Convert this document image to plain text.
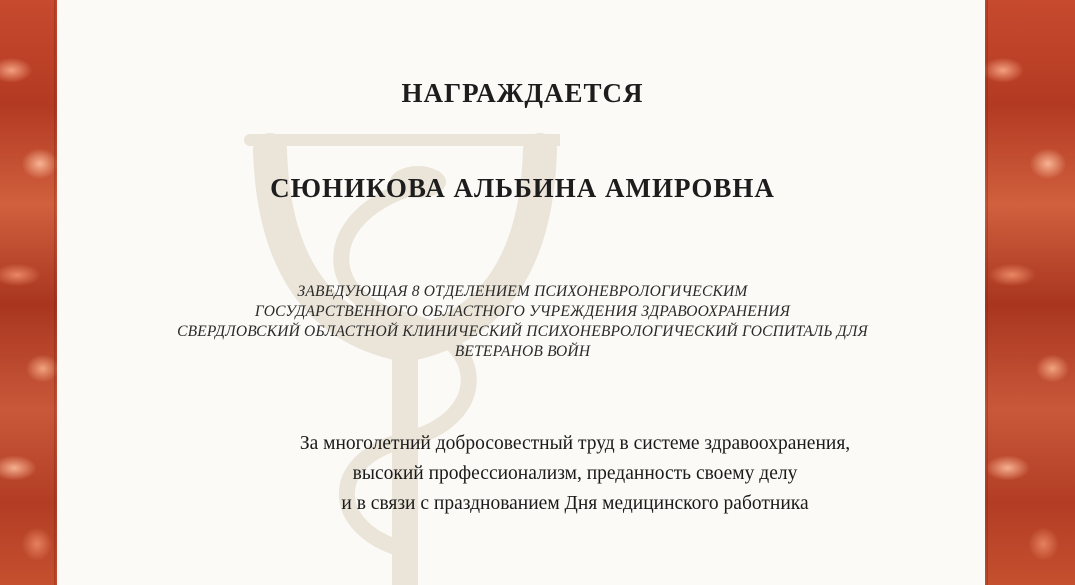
НАГРАЖДАЕТСЯ

СЮНИКОВА АЛЬБИНА АМИРОВНА

ЗАВЕДУЮЩАЯ 8 ОТДЕЛЕНИЕМ ПСИХОНЕВРОЛОГИЧЕСКИМ

ГОСУДАРСТВЕННОГО ОБЛАСТНОГО УЧРЕЖДЕНИЯ ЗДРАВООХРАНЕНИЯ

СВЕРДЛОВСКИЙ ОБЛАСТНОЙ КЛИНИЧЕСКИЙ ПСИХОНЕВРОЛОГИЧЕСКИЙ ГОСПИТАЛЬ ДЛЯ

ВЕТЕРАНОВ ВОЙН

За многолетний добросовестный труд в системе здравоохранения,

высокий профессионализм, преданность своему делу

и в связи с празднованием Дня медицинского работника
